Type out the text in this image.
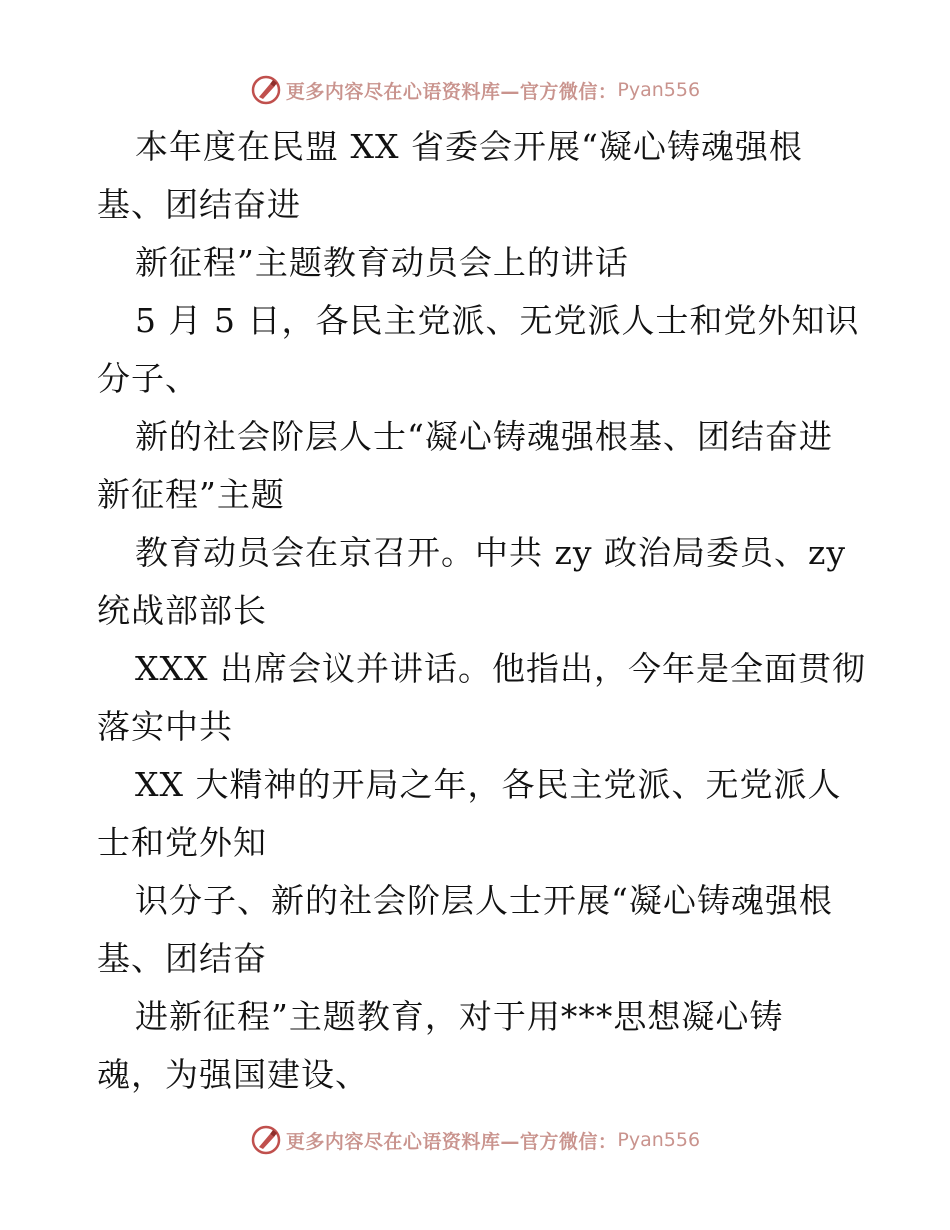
更多内容尽在心语资料库—官方微信： Pyan556
本年度在民盟 XX 省委会开展“凝心铸魂强根
基、团结奋进
新征程”主题教育动员会上的讲话
5 月 5 日，各民主党派、无党派人士和党外知识
分子、
新的社会阶层人士“凝心铸魂强根基、团结奋进
新征程”主题
教育动员会在京召开。中共 zy 政治局委员、zy
统战部部长
XXX 出席会议并讲话。他指出，今年是全面贯彻
落实中共
XX 大精神的开局之年，各民主党派、无党派人
士和党外知
识分子、新的社会阶层人士开展“凝心铸魂强根
基、团结奋
进新征程”主题教育，对于用***思想凝心铸
魂，为强国建设、
更多内容尽在心语资料库—官方微信： Pyan556
